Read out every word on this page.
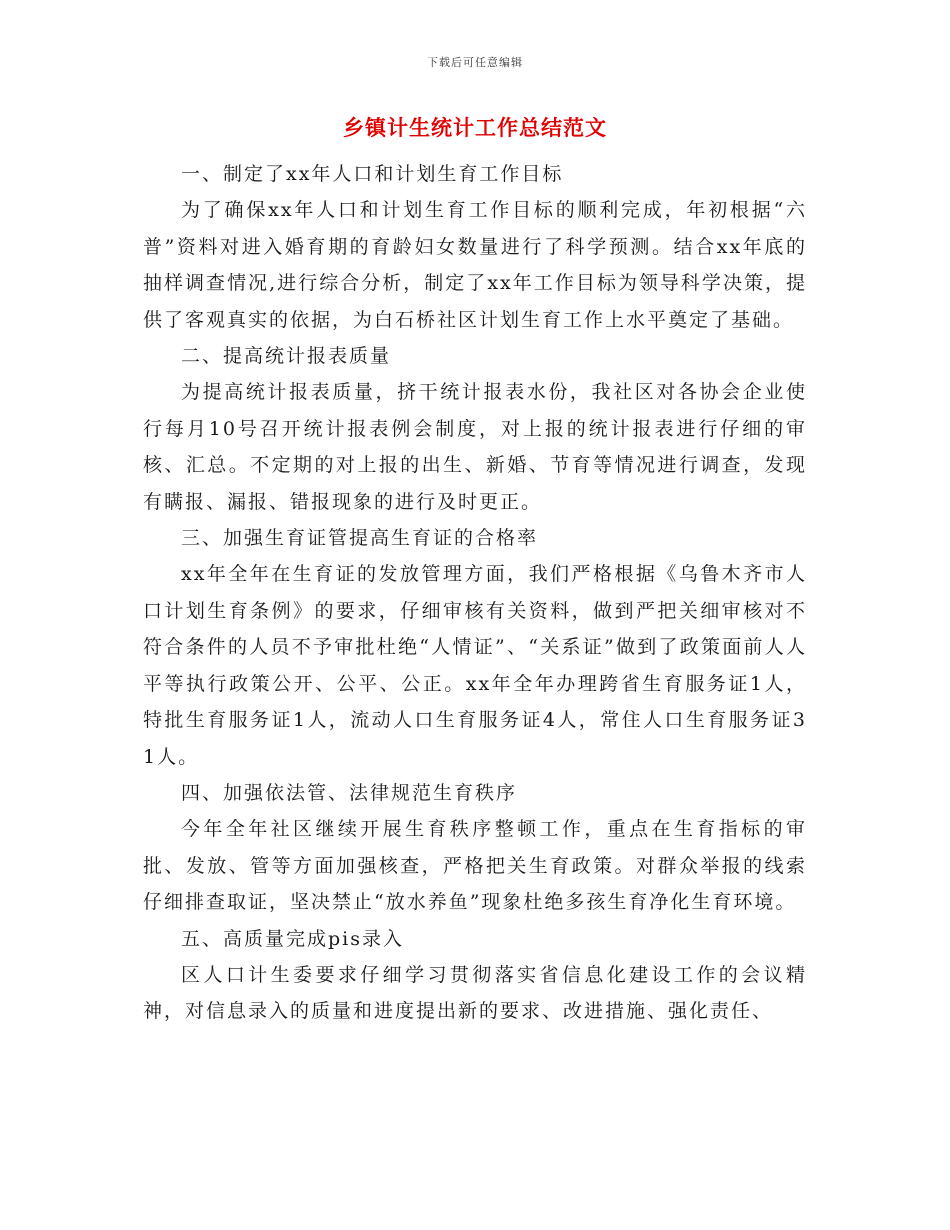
下载后可任意编辑
乡镇计生统计工作总结范文

一、制定了xx年人口和计划生育工作目标

为了确保xx年人口和计划生育工作目标的顺利完成，年初根据“六普”资料对进入婚育期的育龄妇女数量进行了科学预测。结合xx年底的抽样调查情况,进行综合分析，制定了xx年工作目标为领导科学决策，提供了客观真实的依据，为白石桥社区计划生育工作上水平奠定了基础。

二、提高统计报表质量

为提高统计报表质量，挤干统计报表水份，我社区对各协会企业使行每月10号召开统计报表例会制度，对上报的统计报表进行仔细的审核、汇总。不定期的对上报的出生、新婚、节育等情况进行调查，发现有瞒报、漏报、错报现象的进行及时更正。

三、加强生育证管提高生育证的合格率

xx年全年在生育证的发放管理方面，我们严格根据《乌鲁木齐市人口计划生育条例》的要求，仔细审核有关资料，做到严把关细审核对不符合条件的人员不予审批杜绝“人情证”、“关系证”做到了政策面前人人平等执行政策公开、公平、公正。xx年全年办理跨省生育服务证1人，特批生育服务证1人，流动人口生育服务证4人，常住人口生育服务证31人。

四、加强依法管、法律规范生育秩序

今年全年社区继续开展生育秩序整顿工作，重点在生育指标的审批、发放、管等方面加强核查，严格把关生育政策。对群众举报的线索仔细排查取证，坚决禁止“放水养鱼”现象杜绝多孩生育净化生育环境。

五、高质量完成pis录入

区人口计生委要求仔细学习贯彻落实省信息化建设工作的会议精神，对信息录入的质量和进度提出新的要求、改进措施、强化责任、
